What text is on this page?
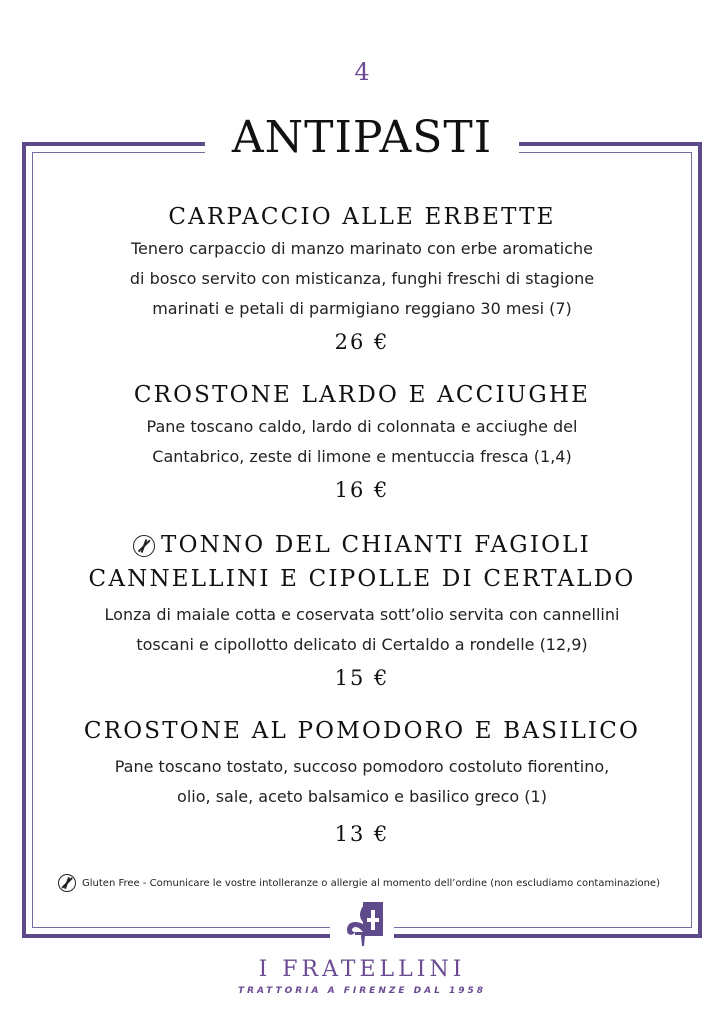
4
ANTIPASTI
CARPACCIO ALLE ERBETTE
Tenero carpaccio di manzo marinato con erbe aromatiche
di bosco servito con misticanza, funghi freschi di stagione
marinati e petali di parmigiano reggiano 30 mesi (7)
26 €
CROSTONE LARDO E ACCIUGHE
Pane toscano caldo, lardo di colonnata e acciughe del
Cantabrico, zeste di limone e mentuccia fresca (1,4)
16 €
TONNO DEL CHIANTI FAGIOLI
CANNELLINI E CIPOLLE DI CERTALDO
Lonza di maiale cotta e coservata sott’olio servita con cannellini
toscani e cipollotto delicato di Certaldo a rondelle (12,9)
15 €
CROSTONE AL POMODORO E BASILICO
Pane toscano tostato, succoso pomodoro costoluto fiorentino,
olio, sale, aceto balsamico e basilico greco (1)
13 €
Gluten Free - Comunicare le vostre intolleranze o allergie al momento dell’ordine (non escludiamo contaminazione)
I FRATELLINI
TRATTORIA A FIRENZE DAL 1958
